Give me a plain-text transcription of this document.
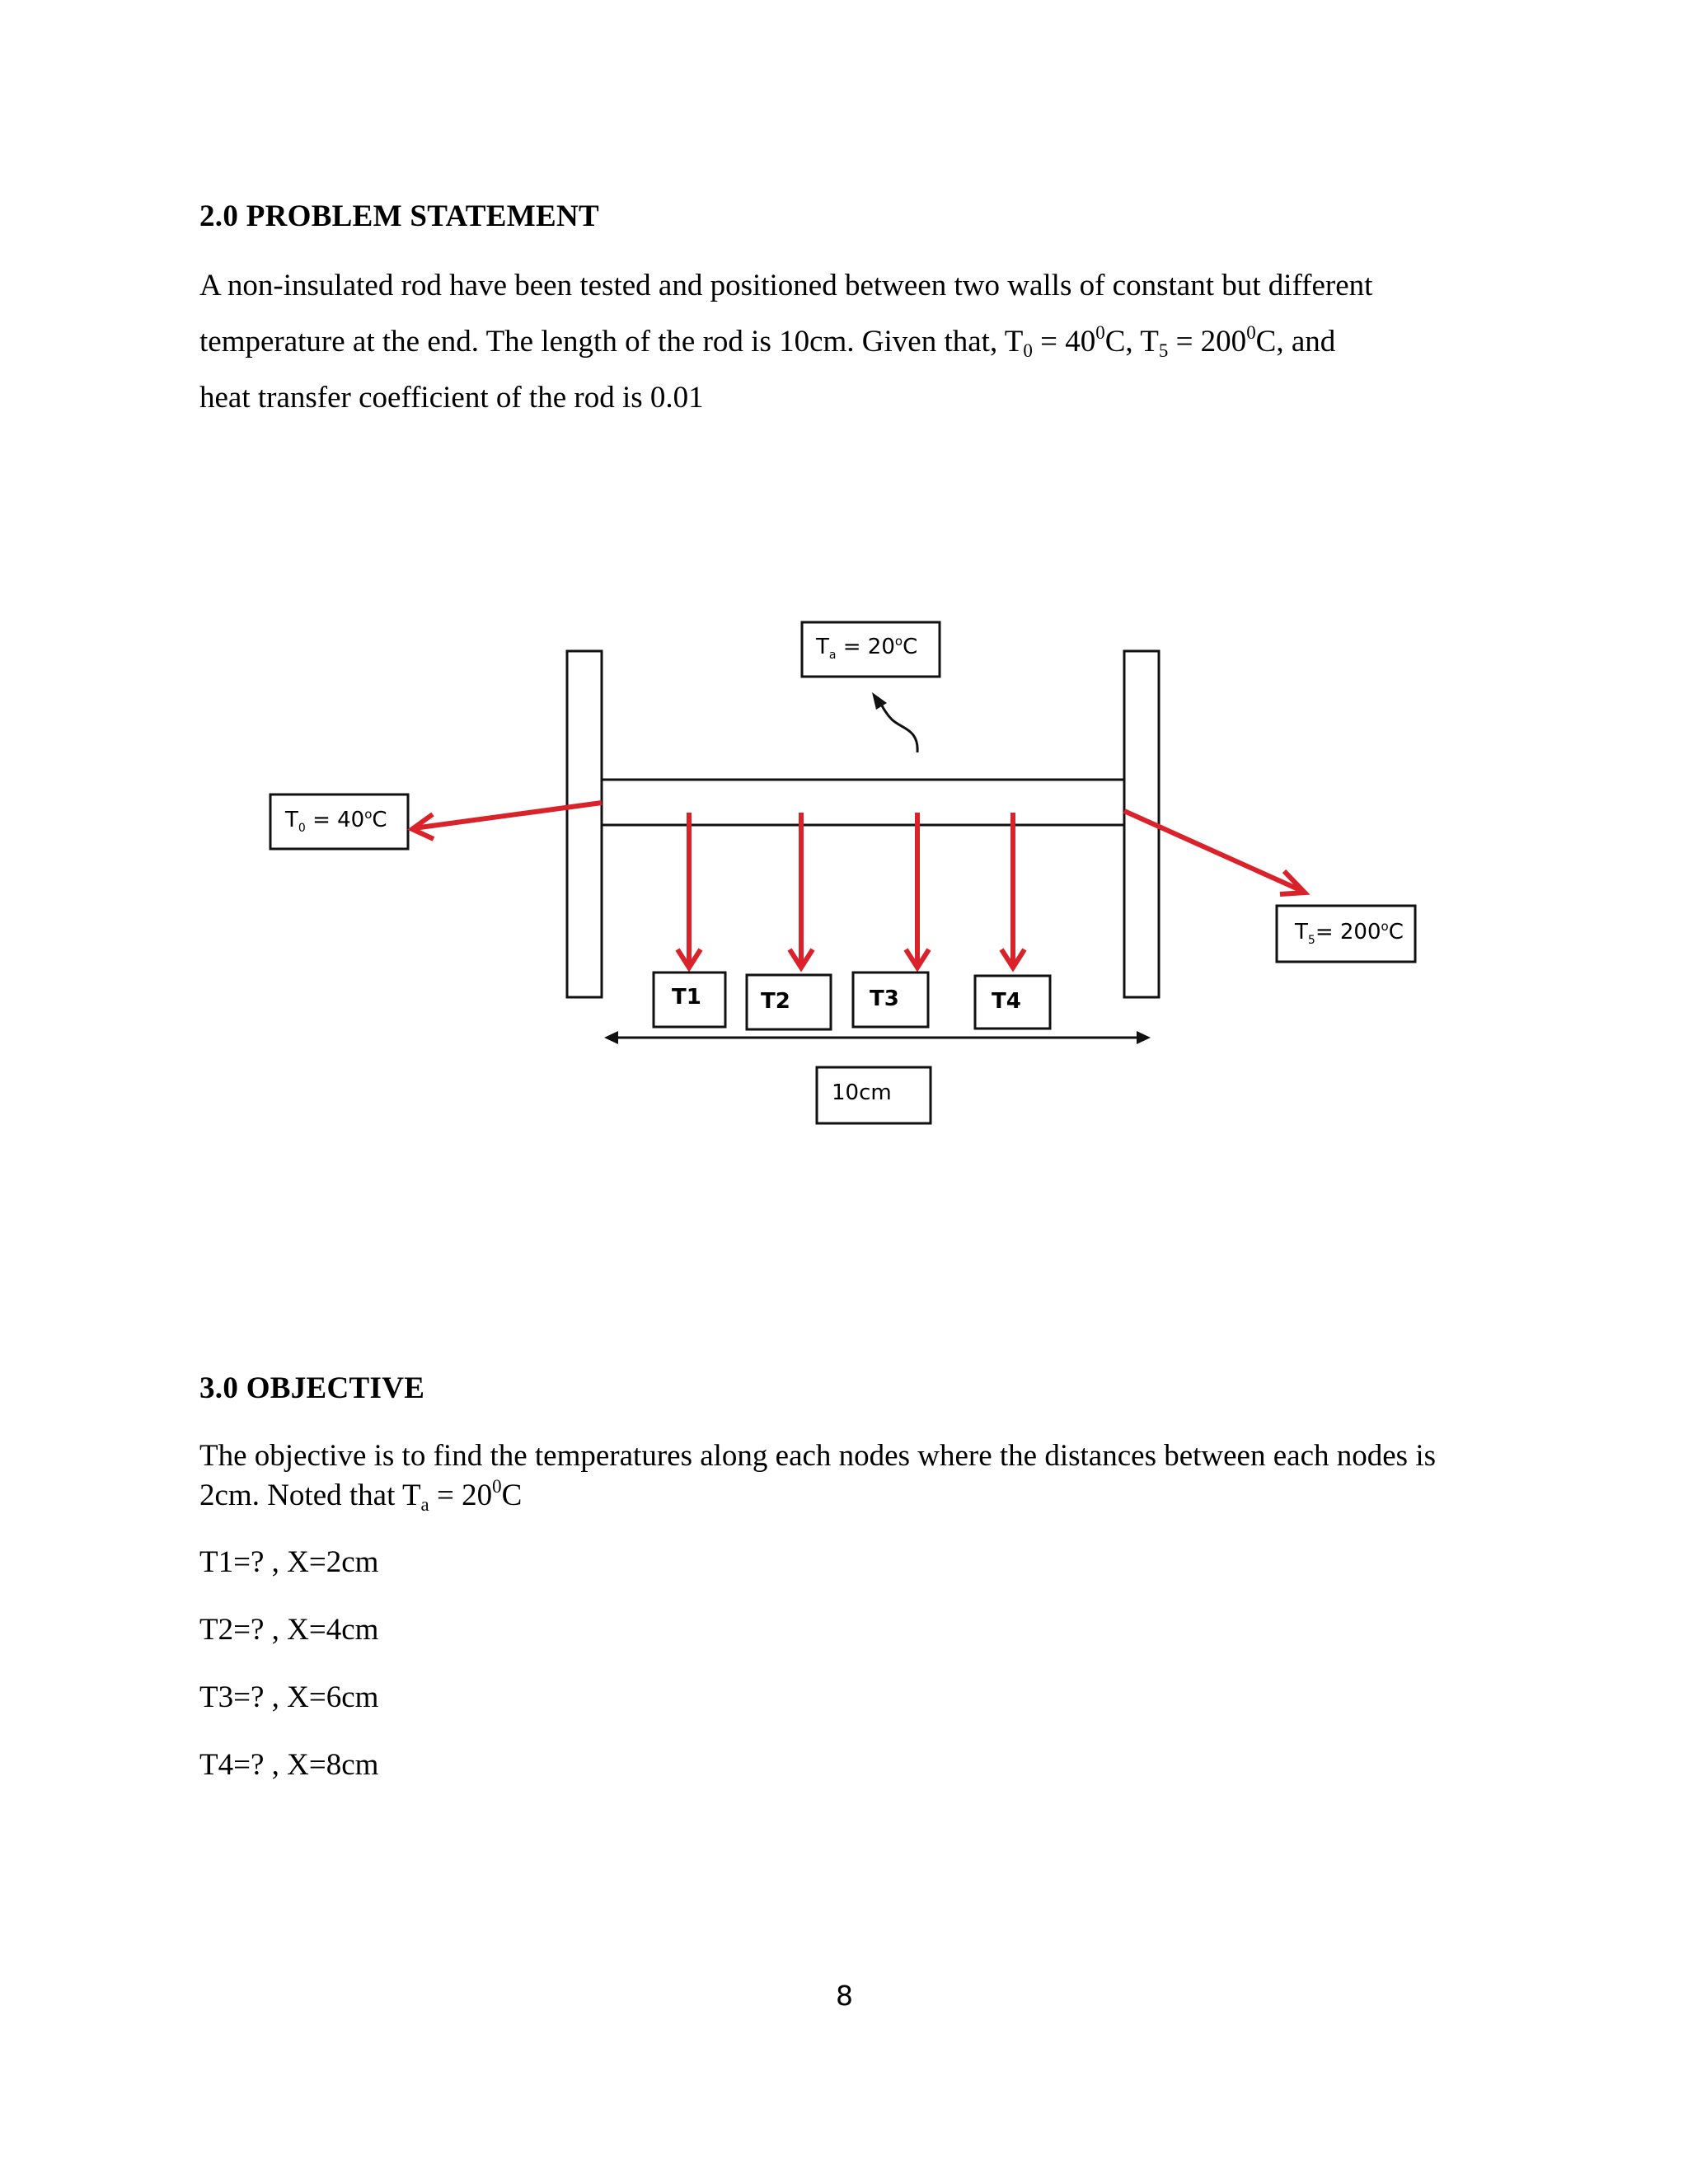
2.0 PROBLEM STATEMENT
A non-insulated rod have been tested and positioned between two walls of constant but different
temperature at the end. The length of the rod is 10cm. Given that, $T_0 = 40^0C$, $T_5 = 200^0C$, and
heat transfer coefficient of the rod is 0.01
$T_a = 20^oC$
$T_0 = 40^oC$
$T_5= 200^oC$
T1	T2	T3	T4
10cm
3.0 OBJECTIVE
The objective is to find the temperatures along each nodes where the distances between each nodes is
2cm. Noted that $T_a = 20^0C$
T1=? , X=2cm
T2=? , X=4cm
T3=? , X=6cm
T4=? , X=8cm
8
